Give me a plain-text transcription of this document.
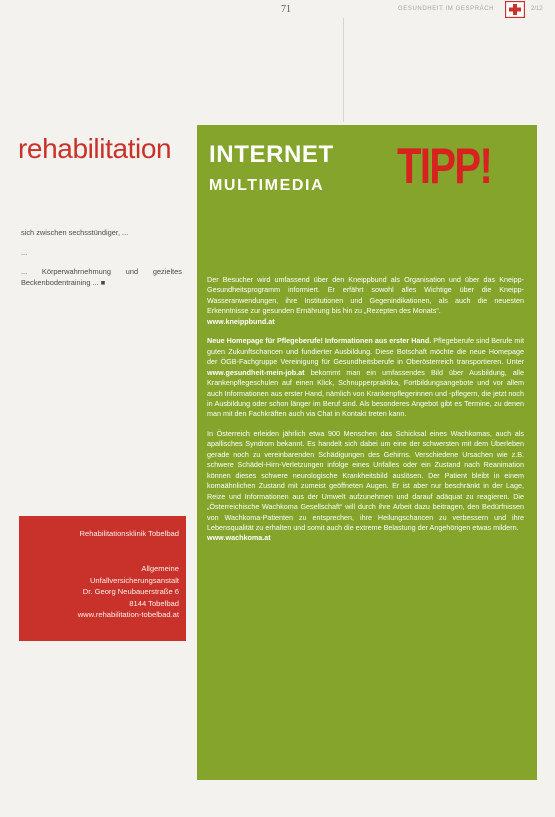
71	GESUNDHEIT IM GESPRÄCH	2/12
rehabilitation

sich zwischen sechsstündiger, ...

...

... Körperwahrnehmung und gezieltes Beckenbodentraining ... ■

Rehabilitationsklinik Tobelbad
Allgemeine
Unfallversicherungsanstalt
Dr. Georg Neubauerstraße 6
8144 Tobelbad
www.rehabilitation-tobelbad.at
INTERNET
MULTIMEDIA TIPP!

Der Besucher wird umfassend über den Kneippbund als Organisation und über das Kneipp-Gesundheitsprogramm informiert. Er erfährt sowohl alles Wichtige über die Kneipp-Wasseranwendungen, ihre Institutionen und Gegenindikationen, als auch die neuesten Erkenntnisse zur gesunden Ernährung bis hin zu „Rezepten des Monats“.
www.kneippbund.at

Neue Homepage für Pflegeberufe! Informationen aus erster Hand. Pflegeberufe sind Berufe mit guten Zukunftschancen und fundierter Ausbildung. Diese Botschaft möchte die neue Homepage der ÖGB-Fachgruppe Vereinigung für Gesundheitsberufe in Oberösterreich transportieren. Unter www.gesundheit-mein-job.at bekommt man ein umfassendes Bild über Ausbildung, alle Krankenpflegeschulen auf einen Klick, Schnupperpraktika, Fortbildungsangebote und vor allem auch Informationen aus erster Hand, nämlich von Krankenpflegerinnen und -pflegern, die jetzt noch in Ausbildung oder schon länger im Beruf sind. Als besonderes Angebot gibt es Termine, zu denen man mit den Fachkräften auch via Chat in Kontakt treten kann.

In Österreich erleiden jährlich etwa 900 Menschen das Schicksal eines Wachkomas, auch als apallisches Syndrom bekannt. Es handelt sich dabei um eine der schwersten mit dem Überleben gerade noch zu vereinbarenden Schädigungen des Gehirns. Verschiedene Ursachen wie z.B. schwere Schädel-Hirn-Verletzungen infolge eines Unfalles oder ein Zustand nach Reanimation können dieses schwere neurologische Krankheitsbild auslösen. Der Patient bleibt in einem komaähnlichen Zustand mit zumeist geöffneten Augen. Er ist aber nur beschränkt in der Lage, Reize und Informationen aus der Umwelt aufzunehmen und darauf adäquat zu reagieren. Die „Österreichische Wachkoma Gesellschaft“ will durch ihre Arbeit dazu beitragen, den Bedürfnissen von Wachkoma-Patienten zu entsprechen, ihre Heilungschancen zu verbessern und ihre Lebensqualität zu erhalten und somit auch die extreme Belastung der Angehörigen etwas mildern.
www.wachkoma.at
